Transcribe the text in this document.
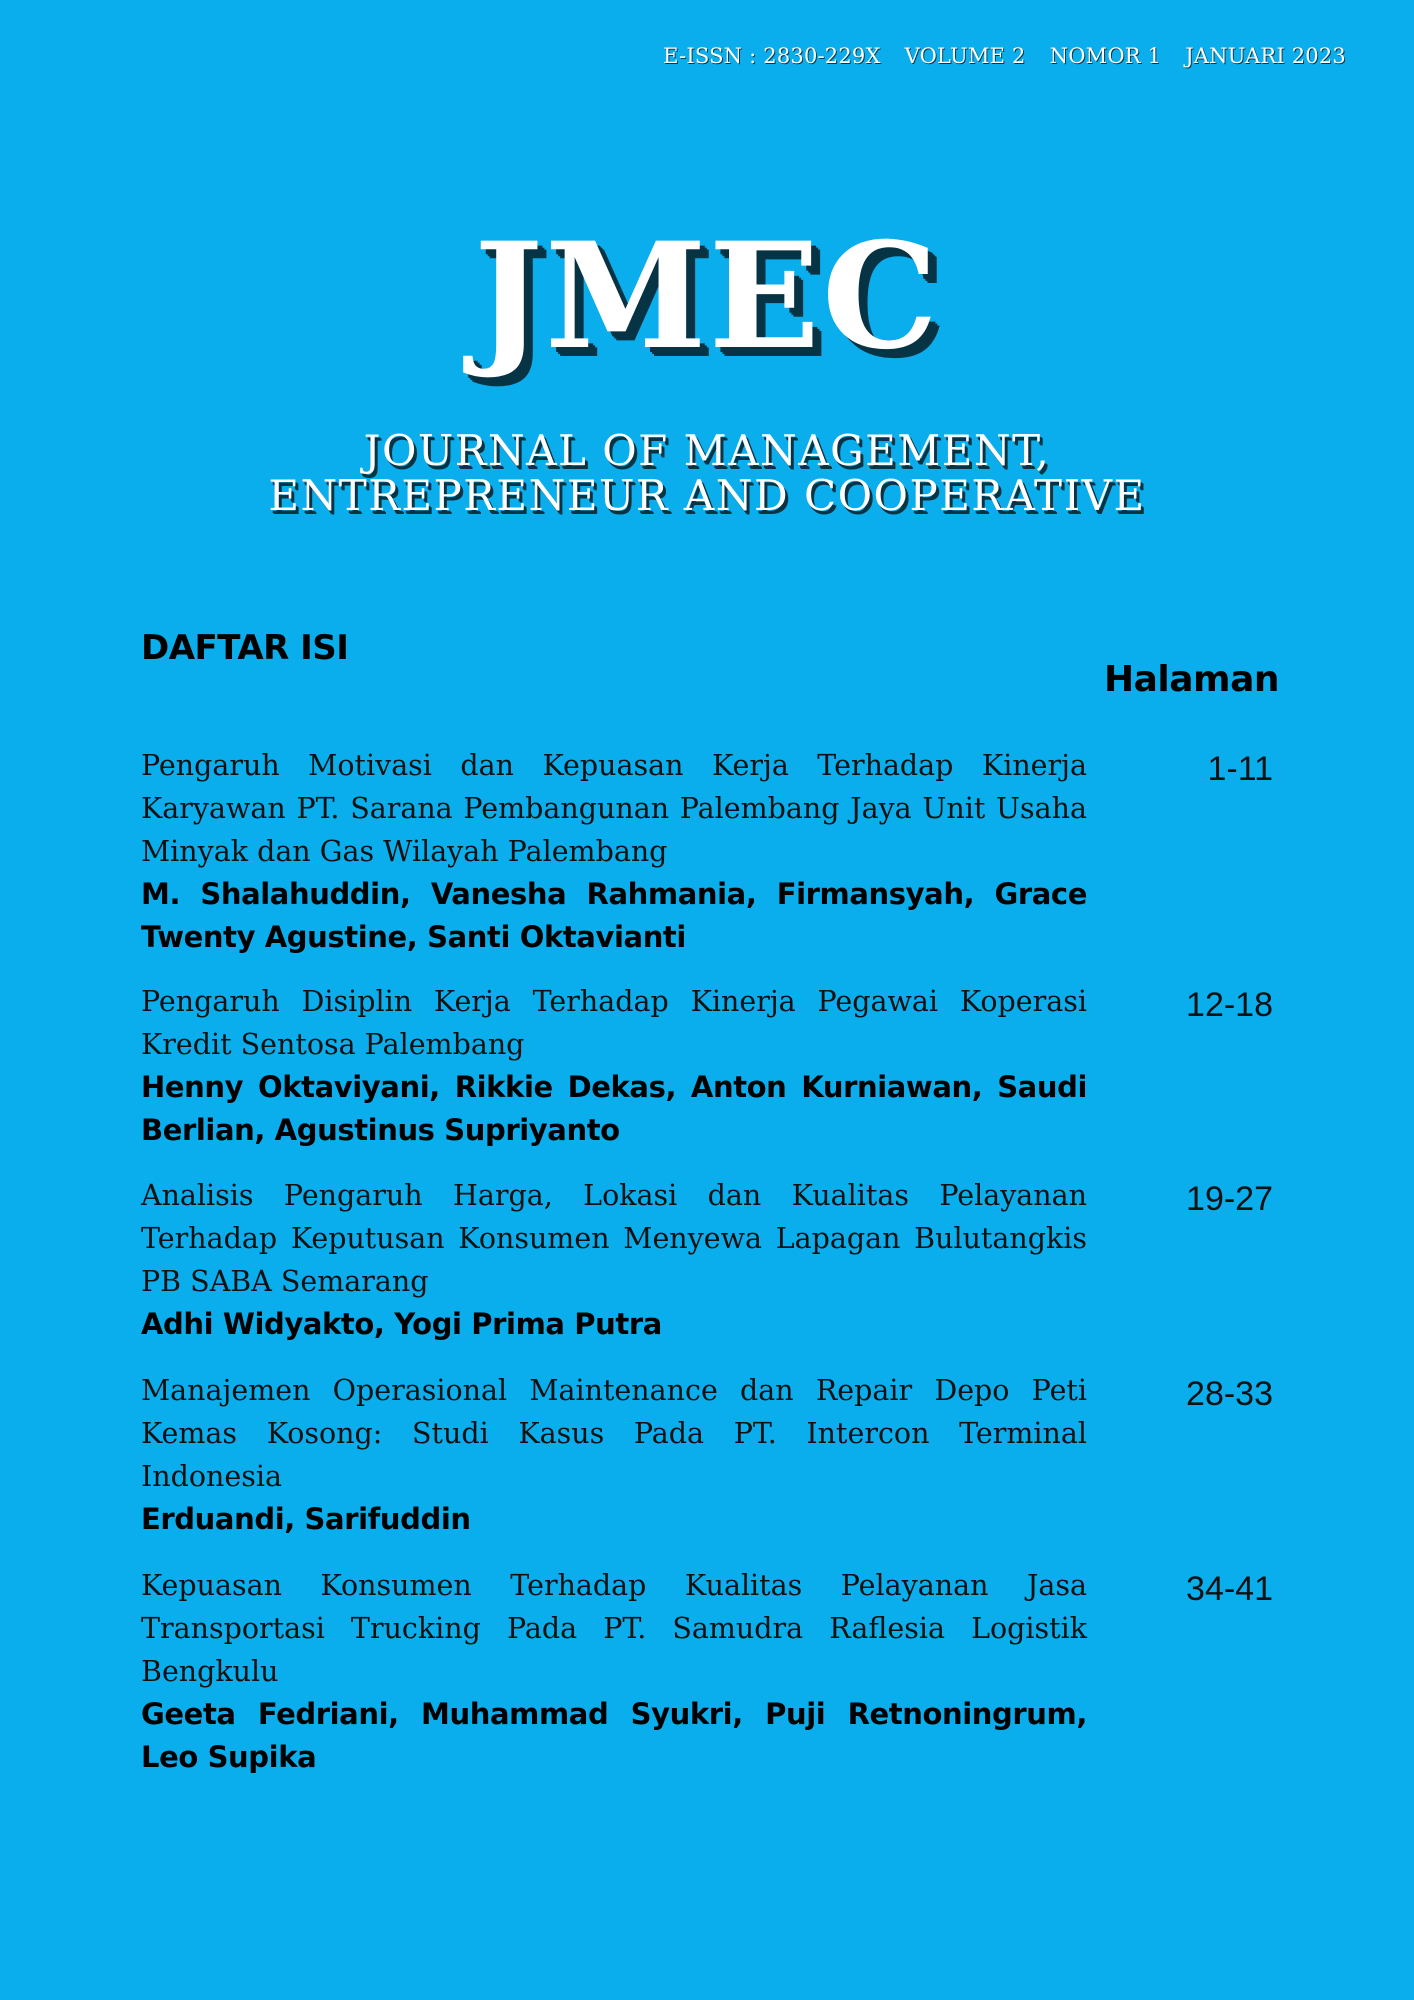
E-ISSN : 2830-229X VOLUME 2 NOMOR 1 JANUARI 2023
JMEC
JOURNAL OF MANAGEMENT,
ENTREPRENEUR AND COOPERATIVE
DAFTAR ISI
Halaman
Pengaruh Motivasi dan Kepuasan Kerja Terhadap Kinerja Karyawan PT. Sarana Pembangunan Palembang Jaya Unit Usaha Minyak dan Gas Wilayah Palembang
M. Shalahuddin, Vanesha Rahmania, Firmansyah, Grace Twenty Agustine, Santi Oktavianti
1-11
Pengaruh Disiplin Kerja Terhadap Kinerja Pegawai Koperasi Kredit Sentosa Palembang
Henny Oktaviyani, Rikkie Dekas, Anton Kurniawan, Saudi Berlian, Agustinus Supriyanto
12-18
Analisis Pengaruh Harga, Lokasi dan Kualitas Pelayanan Terhadap Keputusan Konsumen Menyewa Lapagan Bulutangkis PB SABA Semarang
Adhi Widyakto, Yogi Prima Putra
19-27
Manajemen Operasional Maintenance dan Repair Depo Peti Kemas Kosong: Studi Kasus Pada PT. Intercon Terminal Indonesia
Erduandi, Sarifuddin
28-33
Kepuasan Konsumen Terhadap Kualitas Pelayanan Jasa Transportasi Trucking Pada PT. Samudra Raflesia Logistik Bengkulu
Geeta Fedriani, Muhammad Syukri, Puji Retnoningrum, Leo Supika
34-41
